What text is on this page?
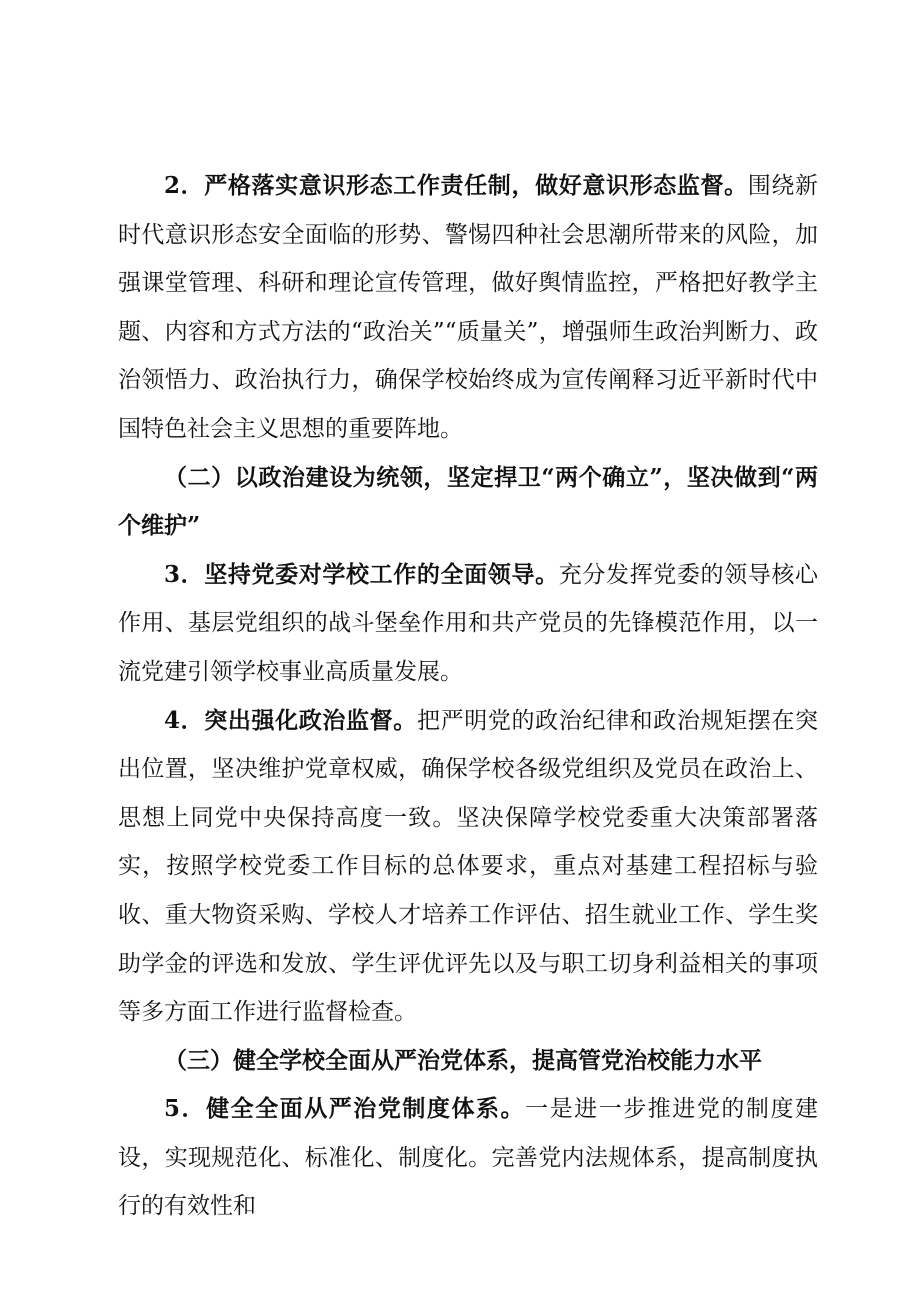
2．严格落实意识形态工作责任制，做好意识形态监督。围绕新时代意识形态安全面临的形势、警惕四种社会思潮所带来的风险，加强课堂管理、科研和理论宣传管理，做好舆情监控，严格把好教学主题、内容和方式方法的“政治关”“质量关”，增强师生政治判断力、政治领悟力、政治执行力，确保学校始终成为宣传阐释习近平新时代中国特色社会主义思想的重要阵地。

（二）以政治建设为统领，坚定捍卫“两个确立”，坚决做到“两个维护”

3．坚持党委对学校工作的全面领导。充分发挥党委的领导核心作用、基层党组织的战斗堡垒作用和共产党员的先锋模范作用，以一流党建引领学校事业高质量发展。

4．突出强化政治监督。把严明党的政治纪律和政治规矩摆在突出位置，坚决维护党章权威，确保学校各级党组织及党员在政治上、思想上同党中央保持高度一致。坚决保障学校党委重大决策部署落实，按照学校党委工作目标的总体要求，重点对基建工程招标与验收、重大物资采购、学校人才培养工作评估、招生就业工作、学生奖助学金的评选和发放、学生评优评先以及与职工切身利益相关的事项等多方面工作进行监督检查。

（三）健全学校全面从严治党体系，提高管党治校能力水平

5．健全全面从严治党制度体系。一是进一步推进党的制度建设，实现规范化、标准化、制度化。完善党内法规体系，提高制度执行的有效性和
